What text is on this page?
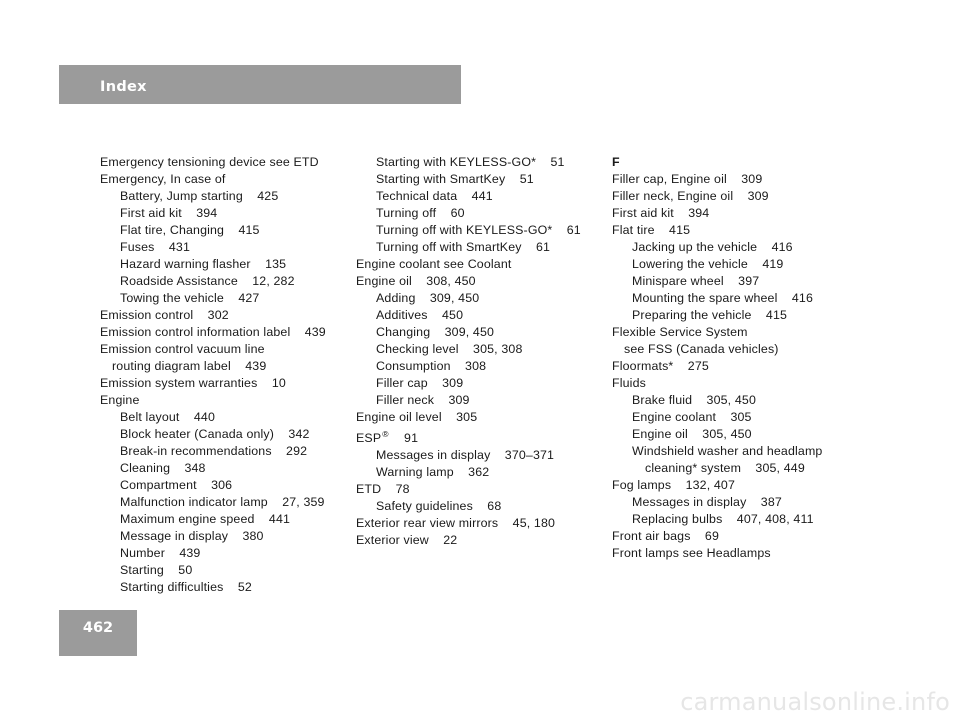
Index
Emergency tensioning device see ETD
Emergency, In case of
Battery, Jump starting    425
First aid kit    394
Flat tire, Changing    415
Fuses    431
Hazard warning flasher    135
Roadside Assistance    12, 282
Towing the vehicle    427
Emission control    302
Emission control information label    439
Emission control vacuum line
routing diagram label    439
Emission system warranties    10
Engine
Belt layout    440
Block heater (Canada only)    342
Break-in recommendations    292
Cleaning    348
Compartment    306
Malfunction indicator lamp    27, 359
Maximum engine speed    441
Message in display    380
Number    439
Starting    50
Starting difficulties    52
Starting with KEYLESS-GO*    51
Starting with SmartKey    51
Technical data    441
Turning off    60
Turning off with KEYLESS-GO*    61
Turning off with SmartKey    61
Engine coolant see Coolant
Engine oil    308, 450
Adding    309, 450
Additives    450
Changing    309, 450
Checking level    305, 308
Consumption    308
Filler cap    309
Filler neck    309
Engine oil level    305
ESP®    91
Messages in display    370–371
Warning lamp    362
ETD    78
Safety guidelines    68
Exterior rear view mirrors    45, 180
Exterior view    22
F
Filler cap, Engine oil    309
Filler neck, Engine oil    309
First aid kit    394
Flat tire    415
Jacking up the vehicle    416
Lowering the vehicle    419
Minispare wheel    397
Mounting the spare wheel    416
Preparing the vehicle    415
Flexible Service System
see FSS (Canada vehicles)
Floormats*    275
Fluids
Brake fluid    305, 450
Engine coolant    305
Engine oil    305, 450
Windshield washer and headlamp
cleaning* system    305, 449
Fog lamps    132, 407
Messages in display    387
Replacing bulbs    407, 408, 411
Front air bags    69
Front lamps see Headlamps
462
carmanualsonline.info
